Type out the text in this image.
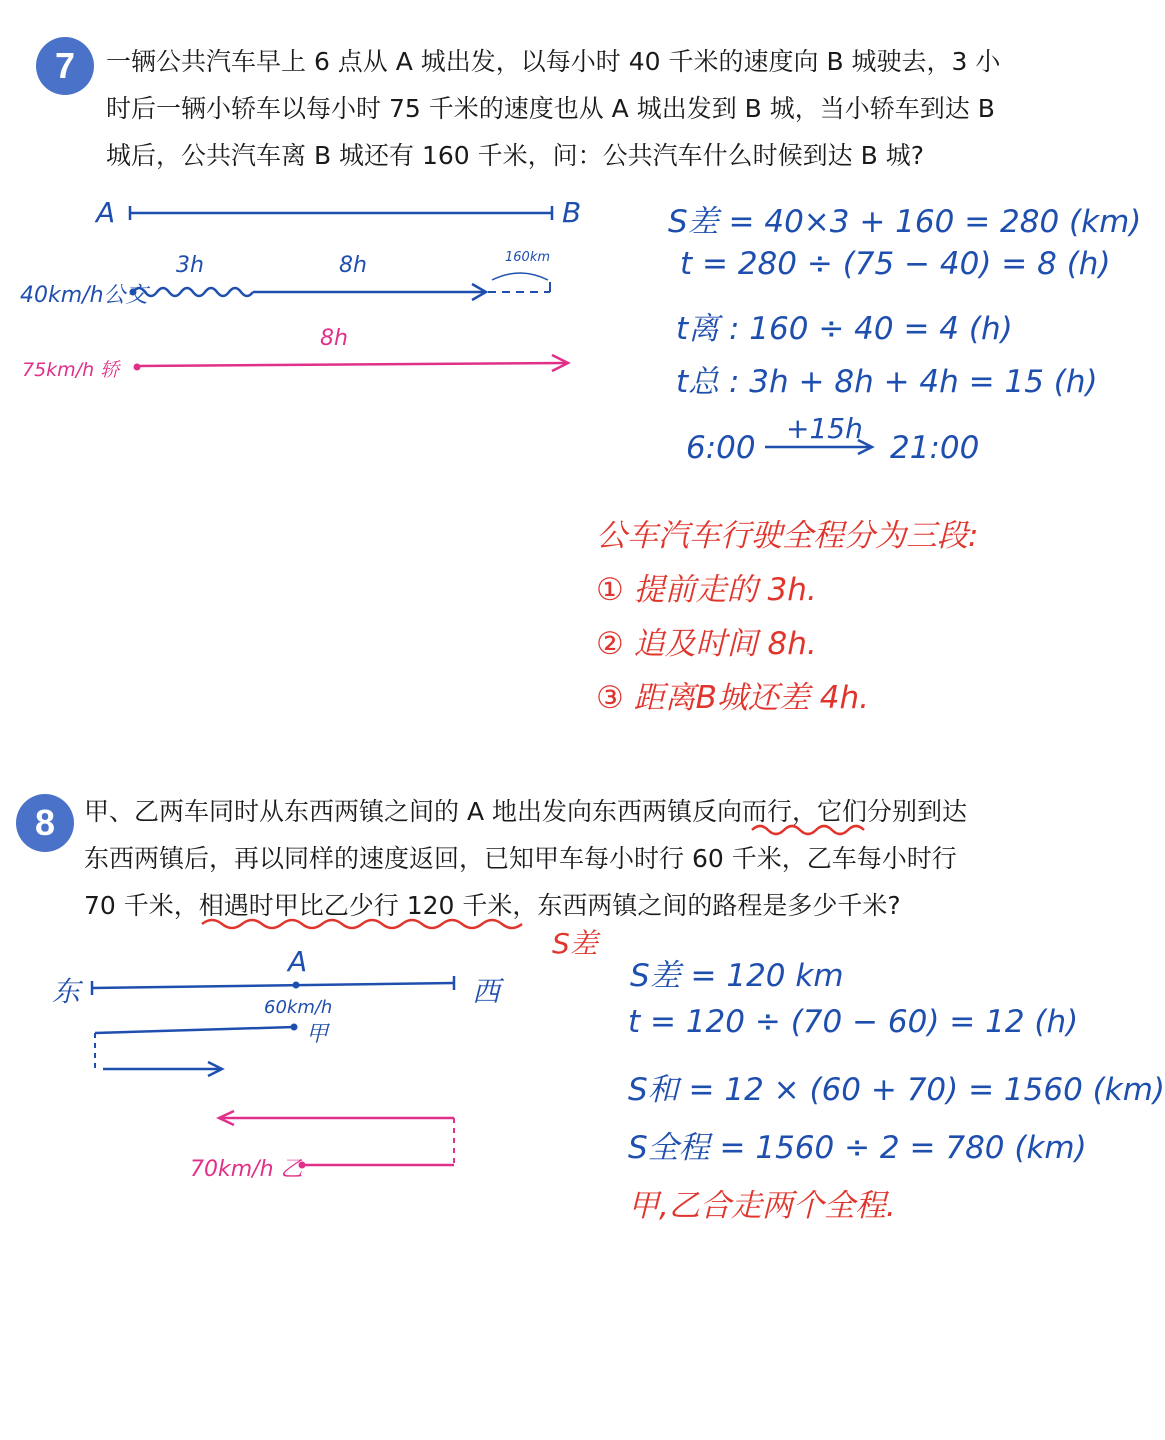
7 一辆公共汽车早上 6 点从 A 城出发，以每小时 40 千米的速度向 B 城驶去，3 小

时后一辆小轿车以每小时 75 千米的速度也从 A 城出发到 B 城，当小轿车到达 B

城后，公共汽车离 B 城还有 160 千米，问：公共汽车什么时候到达 B 城?

A	B
3h	8h	160km
40km/h公交
8h
75km/h 轿
S差 = 40×3 + 160 = 280 (km)
t = 280 ÷ (75 − 40) = 8 (h)
t离 : 160 ÷ 40 = 4 (h)
t总 : 3h + 8h + 4h = 15 (h)
6:00
+15h
21:00
公车汽车行驶全程分为三段:
① 提前走的 3h.
② 追及时间 8h.
③ 距离B城还差 4h.
8 甲、乙两车同时从东西两镇之间的 A 地出发向东西两镇反向而行，它们分别到达

东西两镇后，再以同样的速度返回，已知甲车每小时行 60 千米，乙车每小时行

70 千米，相遇时甲比乙少行 120 千米，东西两镇之间的路程是多少千米?

S差
东	西
A
60km/h
甲
70km/h 乙
S差 = 120 km
t = 120 ÷ (70 − 60) = 12 (h)
S和 = 12 × (60 + 70) = 1560 (km)
S全程 = 1560 ÷ 2 = 780 (km)
甲,乙合走两个全程.
